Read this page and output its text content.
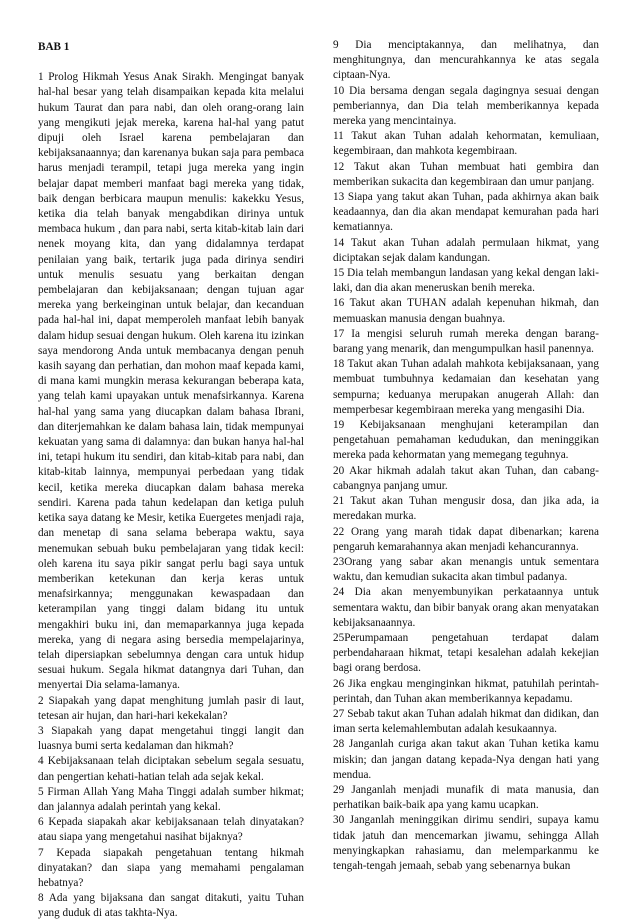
BAB 1

1 Prolog Hikmah Yesus Anak Sirakh. Mengingat banyak hal-hal besar yang telah disampaikan kepada kita melalui hukum Taurat dan para nabi, dan oleh orang-orang lain yang mengikuti jejak mereka, karena hal-hal yang patut dipuji oleh Israel karena pembelajaran dan kebijaksanaannya; dan karenanya bukan saja para pembaca harus menjadi terampil, tetapi juga mereka yang ingin belajar dapat memberi manfaat bagi mereka yang tidak, baik dengan berbicara maupun menulis: kakekku Yesus, ketika dia telah banyak mengabdikan dirinya untuk membaca hukum , dan para nabi, serta kitab-kitab lain dari nenek moyang kita, dan yang didalamnya terdapat penilaian yang baik, tertarik juga pada dirinya sendiri untuk menulis sesuatu yang berkaitan dengan pembelajaran dan kebijaksanaan; dengan tujuan agar mereka yang berkeinginan untuk belajar, dan kecanduan pada hal-hal ini, dapat memperoleh manfaat lebih banyak dalam hidup sesuai dengan hukum. Oleh karena itu izinkan saya mendorong Anda untuk membacanya dengan penuh kasih sayang dan perhatian, dan mohon maaf kepada kami, di mana kami mungkin merasa kekurangan beberapa kata, yang telah kami upayakan untuk menafsirkannya. Karena hal-hal yang sama yang diucapkan dalam bahasa Ibrani, dan diterjemahkan ke dalam bahasa lain, tidak mempunyai kekuatan yang sama di dalamnya: dan bukan hanya hal-hal ini, tetapi hukum itu sendiri, dan kitab-kitab para nabi, dan kitab-kitab lainnya, mempunyai perbedaan yang tidak kecil, ketika mereka diucapkan dalam bahasa mereka sendiri. Karena pada tahun kedelapan dan ketiga puluh ketika saya datang ke Mesir, ketika Euergetes menjadi raja, dan menetap di sana selama beberapa waktu, saya menemukan sebuah buku pembelajaran yang tidak kecil: oleh karena itu saya pikir sangat perlu bagi saya untuk memberikan ketekunan dan kerja keras untuk menafsirkannya; menggunakan kewaspadaan dan keterampilan yang tinggi dalam bidang itu untuk mengakhiri buku ini, dan memaparkannya juga kepada mereka, yang di negara asing bersedia mempelajarinya, telah dipersiapkan sebelumnya dengan cara untuk hidup sesuai hukum. Segala hikmat datangnya dari Tuhan, dan menyertai Dia selama-lamanya.

2 Siapakah yang dapat menghitung jumlah pasir di laut, tetesan air hujan, dan hari-hari kekekalan?

3 Siapakah yang dapat mengetahui tinggi langit dan luasnya bumi serta kedalaman dan hikmah?

4 Kebijaksanaan telah diciptakan sebelum segala sesuatu, dan pengertian kehati-hatian telah ada sejak kekal.

5 Firman Allah Yang Maha Tinggi adalah sumber hikmat; dan jalannya adalah perintah yang kekal.

6 Kepada siapakah akar kebijaksanaan telah dinyatakan? atau siapa yang mengetahui nasihat bijaknya?

7 Kepada siapakah pengetahuan tentang hikmah dinyatakan? dan siapa yang memahami pengalaman hebatnya?

8 Ada yang bijaksana dan sangat ditakuti, yaitu Tuhan yang duduk di atas takhta-Nya.

9 Dia menciptakannya, dan melihatnya, dan menghitungnya, dan mencurahkannya ke atas segala ciptaan-Nya.

10 Dia bersama dengan segala dagingnya sesuai dengan pemberiannya, dan Dia telah memberikannya kepada mereka yang mencintainya.

11 Takut akan Tuhan adalah kehormatan, kemuliaan, kegembiraan, dan mahkota kegembiraan.

12 Takut akan Tuhan membuat hati gembira dan memberikan sukacita dan kegembiraan dan umur panjang.

13 Siapa yang takut akan Tuhan, pada akhirnya akan baik keadaannya, dan dia akan mendapat kemurahan pada hari kematiannya.

14 Takut akan Tuhan adalah permulaan hikmat, yang diciptakan sejak dalam kandungan.

15 Dia telah membangun landasan yang kekal dengan laki-laki, dan dia akan meneruskan benih mereka.

16 Takut akan TUHAN adalah kepenuhan hikmah, dan memuaskan manusia dengan buahnya.

17 Ia mengisi seluruh rumah mereka dengan barang-barang yang menarik, dan mengumpulkan hasil panennya.

18 Takut akan Tuhan adalah mahkota kebijaksanaan, yang membuat tumbuhnya kedamaian dan kesehatan yang sempurna; keduanya merupakan anugerah Allah: dan memperbesar kegembiraan mereka yang mengasihi Dia.

19 Kebijaksanaan menghujani keterampilan dan pengetahuan pemahaman kedudukan, dan meninggikan mereka pada kehormatan yang memegang teguhnya.

20 Akar hikmah adalah takut akan Tuhan, dan cabang-cabangnya panjang umur.

21 Takut akan Tuhan mengusir dosa, dan jika ada, ia meredakan murka.

22 Orang yang marah tidak dapat dibenarkan; karena pengaruh kemarahannya akan menjadi kehancurannya.

23Orang yang sabar akan menangis untuk sementara waktu, dan kemudian sukacita akan timbul padanya.

24 Dia akan menyembunyikan perkataannya untuk sementara waktu, dan bibir banyak orang akan menyatakan kebijaksanaannya.

25Perumpamaan pengetahuan terdapat dalam perbendaharaan hikmat, tetapi kesalehan adalah kekejian bagi orang berdosa.

26 Jika engkau menginginkan hikmat, patuhilah perintah-perintah, dan Tuhan akan memberikannya kepadamu.

27 Sebab takut akan Tuhan adalah hikmat dan didikan, dan iman serta kelemahlembutan adalah kesukaannya.

28 Janganlah curiga akan takut akan Tuhan ketika kamu miskin; dan jangan datang kepada-Nya dengan hati yang mendua.

29 Janganlah menjadi munafik di mata manusia, dan perhatikan baik-baik apa yang kamu ucapkan.

30 Janganlah meninggikan dirimu sendiri, supaya kamu tidak jatuh dan mencemarkan jiwamu, sehingga Allah menyingkapkan rahasiamu, dan melemparkanmu ke tengah-tengah jemaah, sebab yang sebenarnya bukan
